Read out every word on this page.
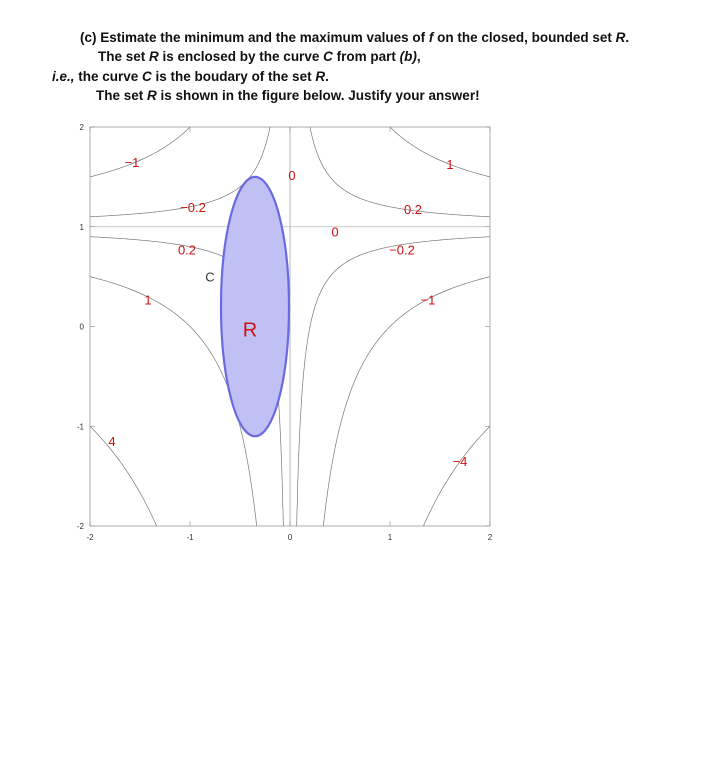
(c) Estimate the minimum and the maximum values of f on the closed, bounded set R.

The set R is enclosed by the curve C from part (b),

i.e., the curve C is the boudary of the set R.

The set R is shown in the figure below. Justify your answer!

-2	-1	0	1	2
-2
-1
0
1
2
−1	1
0
−0.2	0.2
0
0.2	−0.2
C
1	−1
R
4
−4
